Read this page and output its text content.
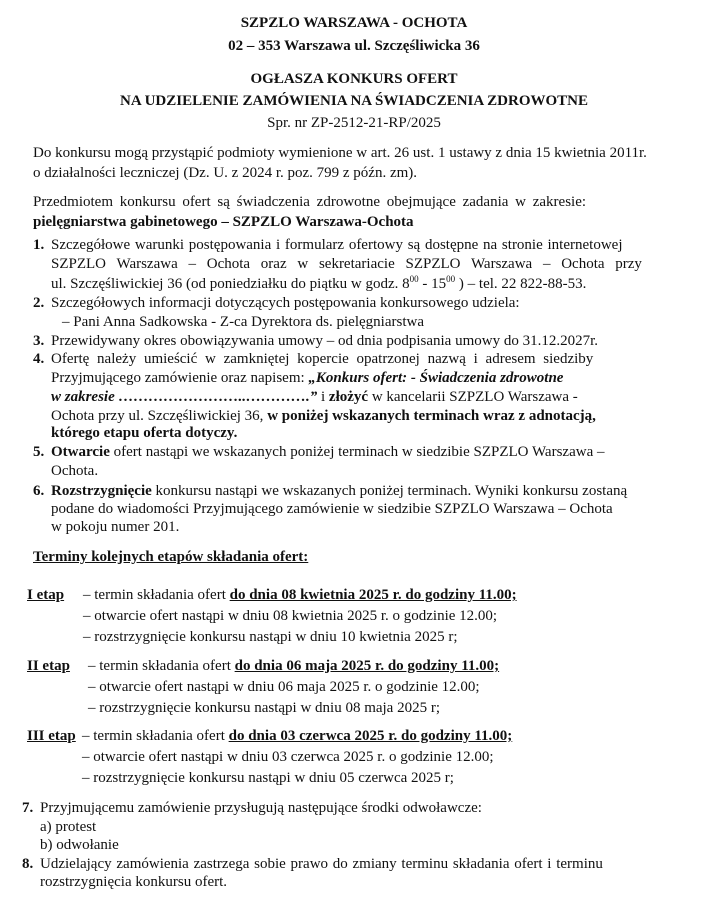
SZPZLO WARSZAWA - OCHOTA
02 – 353 Warszawa ul. Szczęśliwicka 36
OGŁASZA KONKURS OFERT
NA UDZIELENIE ZAMÓWIENIA NA ŚWIADCZENIA ZDROWOTNE
Spr. nr ZP-2512-21-RP/2025
Do konkursu mogą przystąpić podmioty wymienione w art. 26 ust. 1 ustawy z dnia 15 kwietnia 2011r.
o działalności leczniczej (Dz. U. z 2024 r. poz. 799 z późn. zm).
Przedmiotem konkursu ofert są świadczenia zdrowotne obejmujące zadania w zakresie:
pielęgniarstwa gabinetowego – SZPZLO Warszawa-Ochota
1. Szczegółowe warunki postępowania i formularz ofertowy są dostępne na stronie internetowej
SZPZLO Warszawa – Ochota oraz w sekretariacie SZPZLO Warszawa – Ochota przy
ul. Szczęśliwickiej 36 (od poniedziałku do piątku w godz. $8^{00} - 15^{00}$ ) – tel. 22 822-88-53.
2. Szczegółowych informacji dotyczących postępowania konkursowego udziela:
– Pani Anna Sadkowska - Z-ca Dyrektora ds. pielęgniarstwa
3. Przewidywany okres obowiązywania umowy – od dnia podpisania umowy do 31.12.2027r.
4. Ofertę należy umieścić w zamkniętej kopercie opatrzonej nazwą i adresem siedziby
Przyjmującego zamówienie oraz napisem: „Konkurs ofert: - Świadczenia zdrowotne
w zakresie ……………………..………….” i złożyć w kancelarii SZPZLO Warszawa -
Ochota przy ul. Szczęśliwickiej 36, w poniżej wskazanych terminach wraz z adnotacją,
którego etapu oferta dotyczy.
5. Otwarcie ofert nastąpi we wskazanych poniżej terminach w siedzibie SZPZLO Warszawa –
Ochota.
6. Rozstrzygnięcie konkursu nastąpi we wskazanych poniżej terminach. Wyniki konkursu zostaną
podane do wiadomości Przyjmującego zamówienie w siedzibie SZPZLO Warszawa – Ochota
w pokoju numer 201.
Terminy kolejnych etapów składania ofert:
I etap – termin składania ofert do dnia 08 kwietnia 2025 r. do godziny 11.00;
– otwarcie ofert nastąpi w dniu 08 kwietnia 2025 r. o godzinie 12.00;
– rozstrzygnięcie konkursu nastąpi w dniu 10 kwietnia 2025 r;
II etap – termin składania ofert do dnia 06 maja 2025 r. do godziny 11.00;
– otwarcie ofert nastąpi w dniu 06 maja 2025 r. o godzinie 12.00;
– rozstrzygnięcie konkursu nastąpi w dniu 08 maja 2025 r;
III etap – termin składania ofert do dnia 03 czerwca 2025 r. do godziny 11.00;
– otwarcie ofert nastąpi w dniu 03 czerwca 2025 r. o godzinie 12.00;
– rozstrzygnięcie konkursu nastąpi w dniu 05 czerwca 2025 r;
7. Przyjmującemu zamówienie przysługują następujące środki odwoławcze:
a) protest
b) odwołanie
8. Udzielający zamówienia zastrzega sobie prawo do zmiany terminu składania ofert i terminu
rozstrzygnięcia konkursu ofert.
